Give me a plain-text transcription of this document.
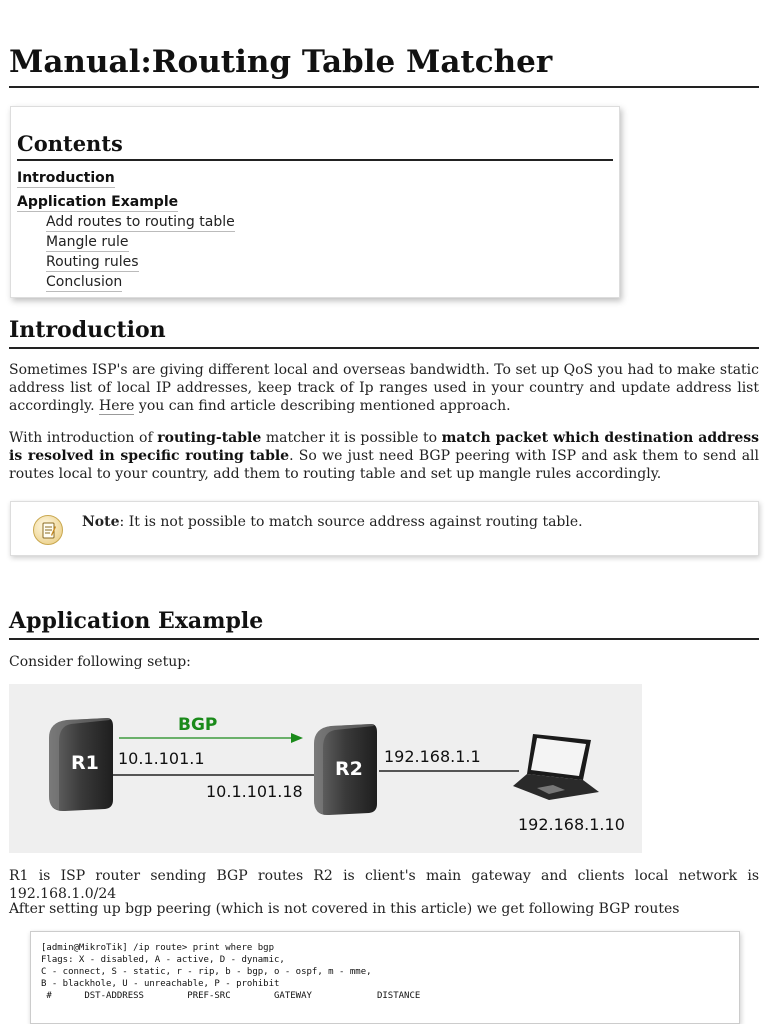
Manual:Routing Table Matcher
Contents
Introduction
Application Example
Add routes to routing table
Mangle rule
Routing rules
Conclusion
Introduction

Sometimes ISP's are giving different local and overseas bandwidth. To set up QoS you had to make static address list of local IP addresses, keep track of Ip ranges used in your country and update address list accordingly. Here you can find article describing mentioned approach.

With introduction of routing-table matcher it is possible to match packet which destination address is resolved in specific routing table. So we just need BGP peering with ISP and ask them to send all routes local to your country, add them to routing table and set up mangle rules accordingly.

Note: It is not possible to match source address against routing table.
Application Example

Consider following setup:

BGP
R1	R2
10.1.101.1
10.1.101.18
192.168.1.1
192.168.1.10

R1 is ISP router sending BGP routes R2 is client's main gateway and clients local network is 192.168.1.0/24

After setting up bgp peering (which is not covered in this article) we get following BGP routes

[admin@MikroTik] /ip route> print where bgp
Flags: X - disabled, A - active, D - dynamic,
C - connect, S - static, r - rip, b - bgp, o - ospf, m - mme,
B - blackhole, U - unreachable, P - prohibit
#      DST-ADDRESS        PREF-SRC        GATEWAY            DISTANCE
